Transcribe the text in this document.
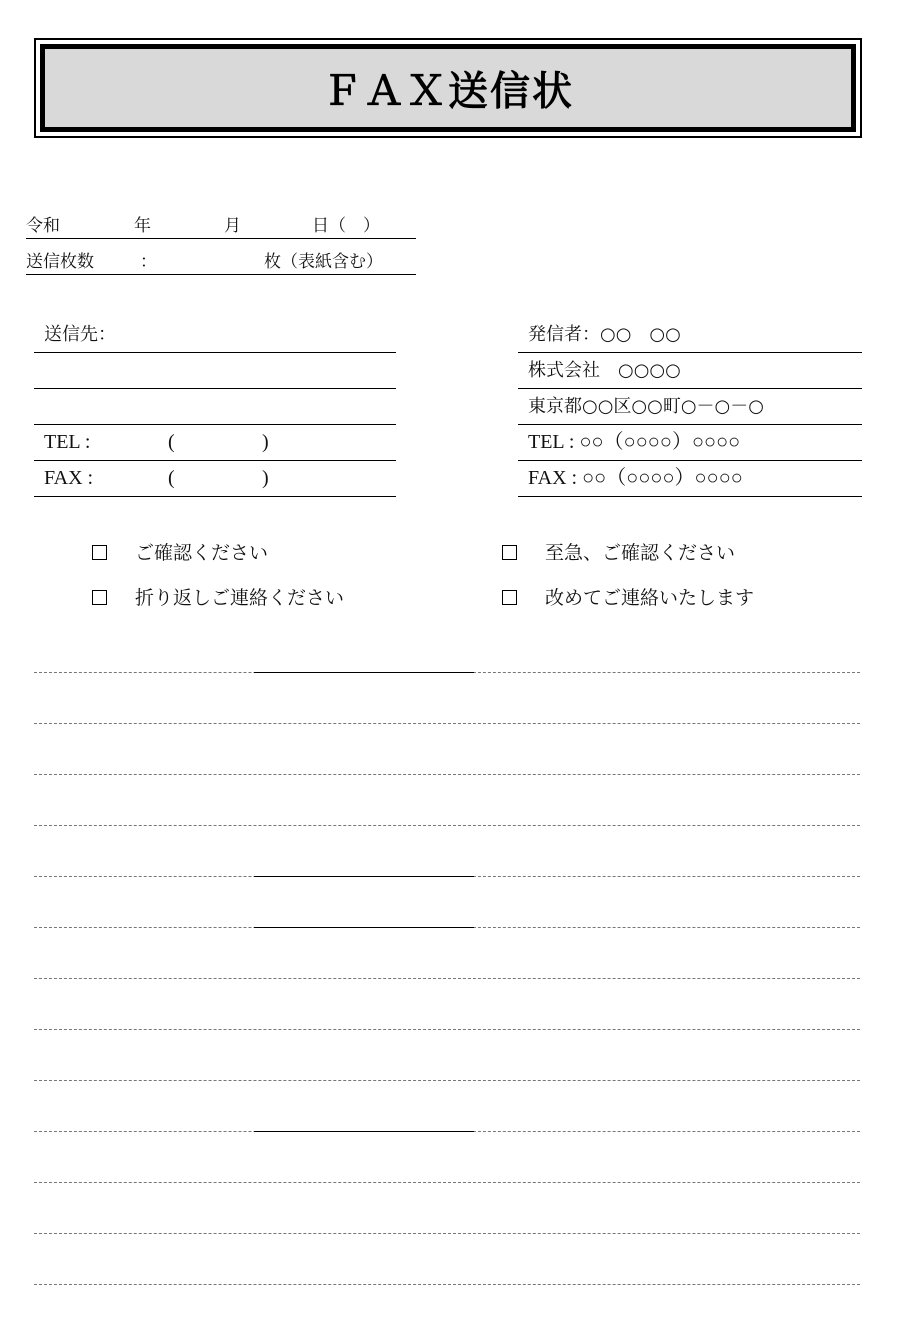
ＦＡＸ送信状
令和	年	月	日（　）
送信枚数	：	枚（表紙含む）
送信先：
TEL :	(	)
FAX :	(	)
発信者：○○　○○
株式会社　○○○○
東京都○○区○○町○－○－○
TEL : ○○（○○○○）○○○○
FAX : ○○（○○○○）○○○○
ご確認ください	至急、ご確認ください
折り返しご連絡ください	改めてご連絡いたします
